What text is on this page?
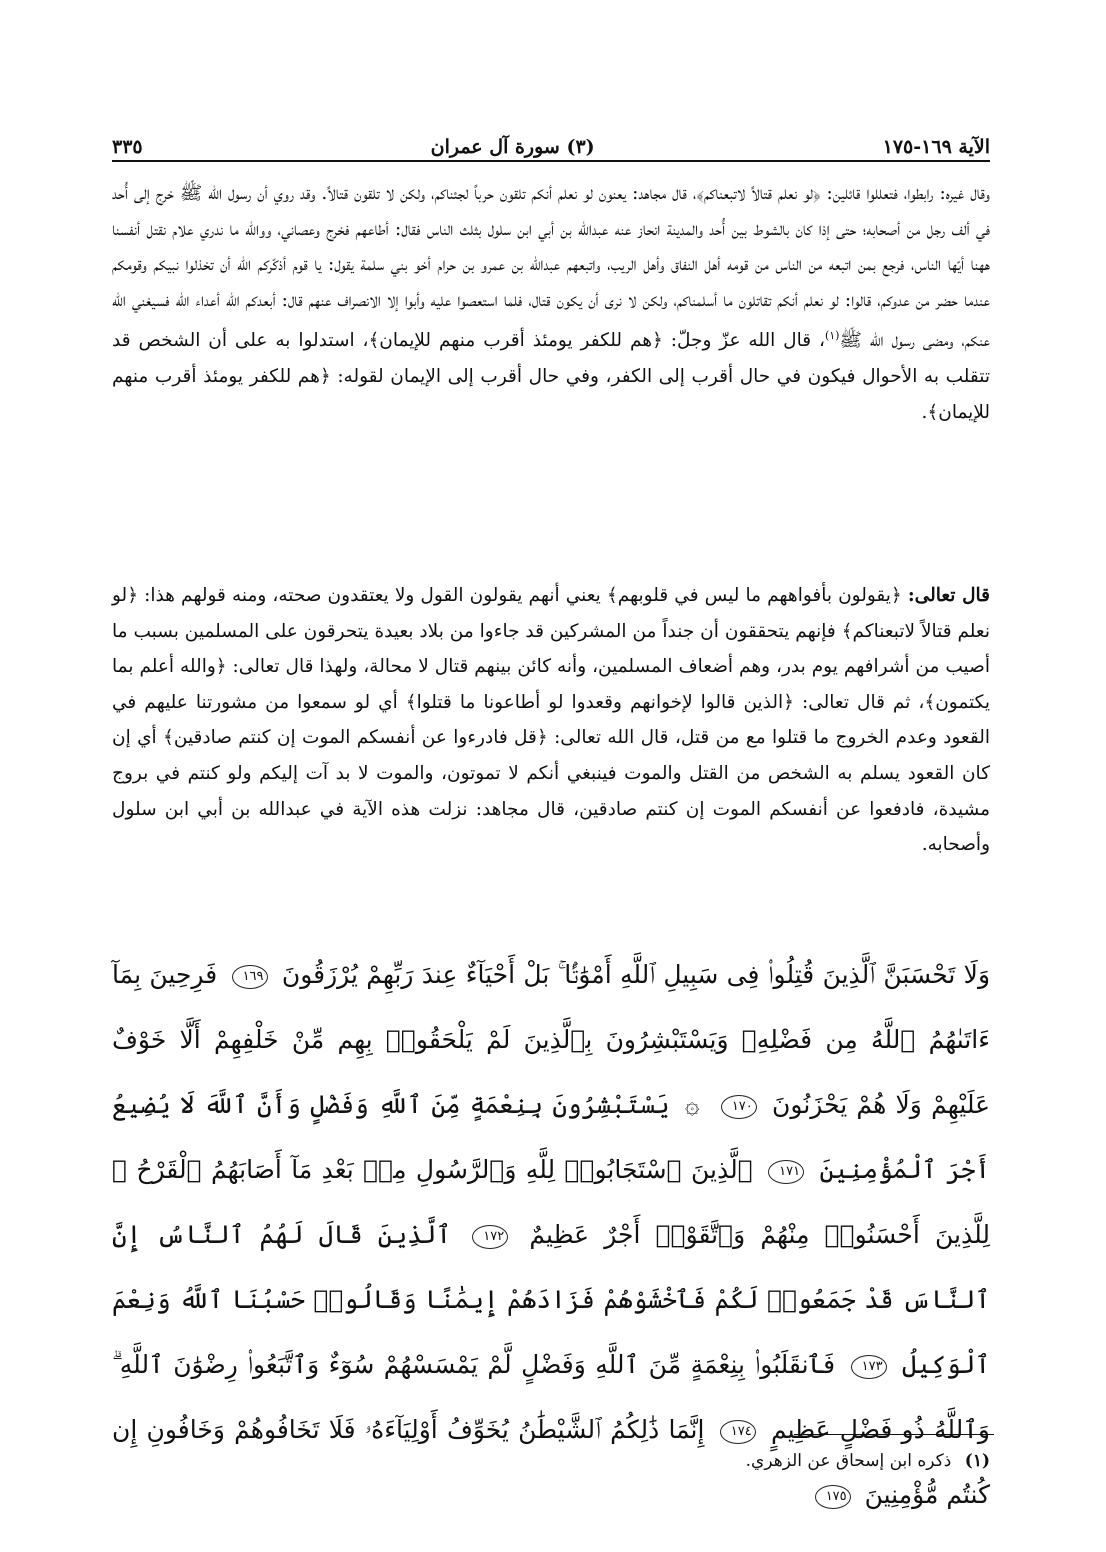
الآية ١٦٩-١٧٥
(٣) سورة آل عمران
٣٣٥

وقال غيره: رابطوا، فتعللوا قائلين: ﴿لو نعلم قتالاً لاتبعناكم﴾، قال مجاهد: يعنون لو نعلم أنكم تلقون حرباً لجئناكم، ولكن لا تلقون قتالاً. وقد روي أن رسول الله ﷺ خرج إلى أُحد في ألف رجل من أصحابه؛ حتى إذا كان بالشوط بين أُحد والمدينة انحاز عنه عبدالله بن أبي ابن سلول بثلث الناس فقال: أطاعهم فخرج وعصاني، ووالله ما ندري علام نقتل أنفسنا ههنا أيّها الناس، فرجع بمن اتبعه من الناس من قومه أهل النفاق وأهل الريب، واتبعهم عبدالله بن عمرو بن حرام أخو بني سلمة يقول: يا قوم أذكّركم الله أن تخذلوا نبيكم وقومكم عندما حضر من عدوكم، قالوا: لو نعلم أنكم تقاتلون ما أسلمناكم، ولكن لا نرى أن يكون قتال، فلما استعصوا عليه وأبوا إلا الانصراف عنهم قال: أبعدكم الله أعداء الله فسيغني الله عنكم، ومضى رسول الله ﷺ$^{(١)}$، قال الله عزّ وجلّ: ﴿هم للكفر يومئذ أقرب منهم للإيمان﴾، استدلوا به على أن الشخص قد تتقلب به الأحوال فيكون في حال أقرب إلى الكفر، وفي حال أقرب إلى الإيمان لقوله: ﴿هم للكفر يومئذ أقرب منهم للإيمان﴾.

قال تعالى: ﴿يقولون بأفواههم ما ليس في قلوبهم﴾ يعني أنهم يقولون القول ولا يعتقدون صحته، ومنه قولهم هذا: ﴿لو نعلم قتالاً لاتبعناكم﴾ فإنهم يتحققون أن جنداً من المشركين قد جاءوا من بلاد بعيدة يتحرقون على المسلمين بسبب ما أصيب من أشرافهم يوم بدر، وهم أضعاف المسلمين، وأنه كائن بينهم قتال لا محالة، ولهذا قال تعالى: ﴿والله أعلم بما يكتمون﴾، ثم قال تعالى: ﴿الذين قالوا لإخوانهم وقعدوا لو أطاعونا ما قتلوا﴾ أي لو سمعوا من مشورتنا عليهم في القعود وعدم الخروج ما قتلوا مع من قتل، قال الله تعالى: ﴿قل فادرءوا عن أنفسكم الموت إن كنتم صادقين﴾ أي إن كان القعود يسلم به الشخص من القتل والموت فينبغي أنكم لا تموتون، والموت لا بد آت إليكم ولو كنتم في بروج مشيدة، فادفعوا عن أنفسكم الموت إن كنتم صادقين، قال مجاهد: نزلت هذه الآية في عبدالله بن أبي ابن سلول وأصحابه.

وَلَا تَحْسَبَنَّ ٱلَّذِينَ قُتِلُوا۟ فِى سَبِيلِ ٱللَّهِ أَمْوَٰتًۢا ۚ بَلْ أَحْيَآءٌ عِندَ رَبِّهِمْ يُرْزَقُونَ ١٦٩ فَرِحِينَ بِمَآ ءَاتَىٰهُمُ ٱللَّهُ مِن فَضْلِهِۦ وَيَسْتَبْشِرُونَ بِٱلَّذِينَ لَمْ يَلْحَقُوا۟ بِهِم مِّنْ خَلْفِهِمْ أَلَّا خَوْفٌ عَلَيْهِمْ وَلَا هُمْ يَحْزَنُونَ ١٧٠ ۞ يَسْتَبْشِرُونَ بِنِعْمَةٍ مِّنَ ٱللَّهِ وَفَضْلٍ وَأَنَّ ٱللَّهَ لَا يُضِيعُ أَجْرَ ٱلْمُؤْمِنِينَ ١٧١ ٱلَّذِينَ ٱسْتَجَابُوا۟ لِلَّهِ وَٱلرَّسُولِ مِنۢ بَعْدِ مَآ أَصَابَهُمُ ٱلْقَرْحُ ۚ لِلَّذِينَ أَحْسَنُوا۟ مِنْهُمْ وَٱتَّقَوْا۟ أَجْرٌ عَظِيمٌ ١٧٢ ٱلَّذِينَ قَالَ لَهُمُ ٱلنَّاسُ إِنَّ ٱلنَّاسَ قَدْ جَمَعُوا۟ لَكُمْ فَٱخْشَوْهُمْ فَزَادَهُمْ إِيمَٰنًا وَقَالُوا۟ حَسْبُنَا ٱللَّهُ وَنِعْمَ ٱلْوَكِيلُ ١٧٣ فَٱنقَلَبُوا۟ بِنِعْمَةٍ مِّنَ ٱللَّهِ وَفَضْلٍ لَّمْ يَمْسَسْهُمْ سُوٓءٌ وَٱتَّبَعُوا۟ رِضْوَٰنَ ٱللَّهِ ۗ وَٱللَّهُ ذُو فَضْلٍ عَظِيمٍ ١٧٤ إِنَّمَا ذَٰلِكُمُ ٱلشَّيْطَٰنُ يُخَوِّفُ أَوْلِيَآءَهُۥ فَلَا تَخَافُوهُمْ وَخَافُونِ إِن كُنتُم مُّؤْمِنِينَ ١٧٥

(١) ذكره ابن إسحاق عن الزهري.
